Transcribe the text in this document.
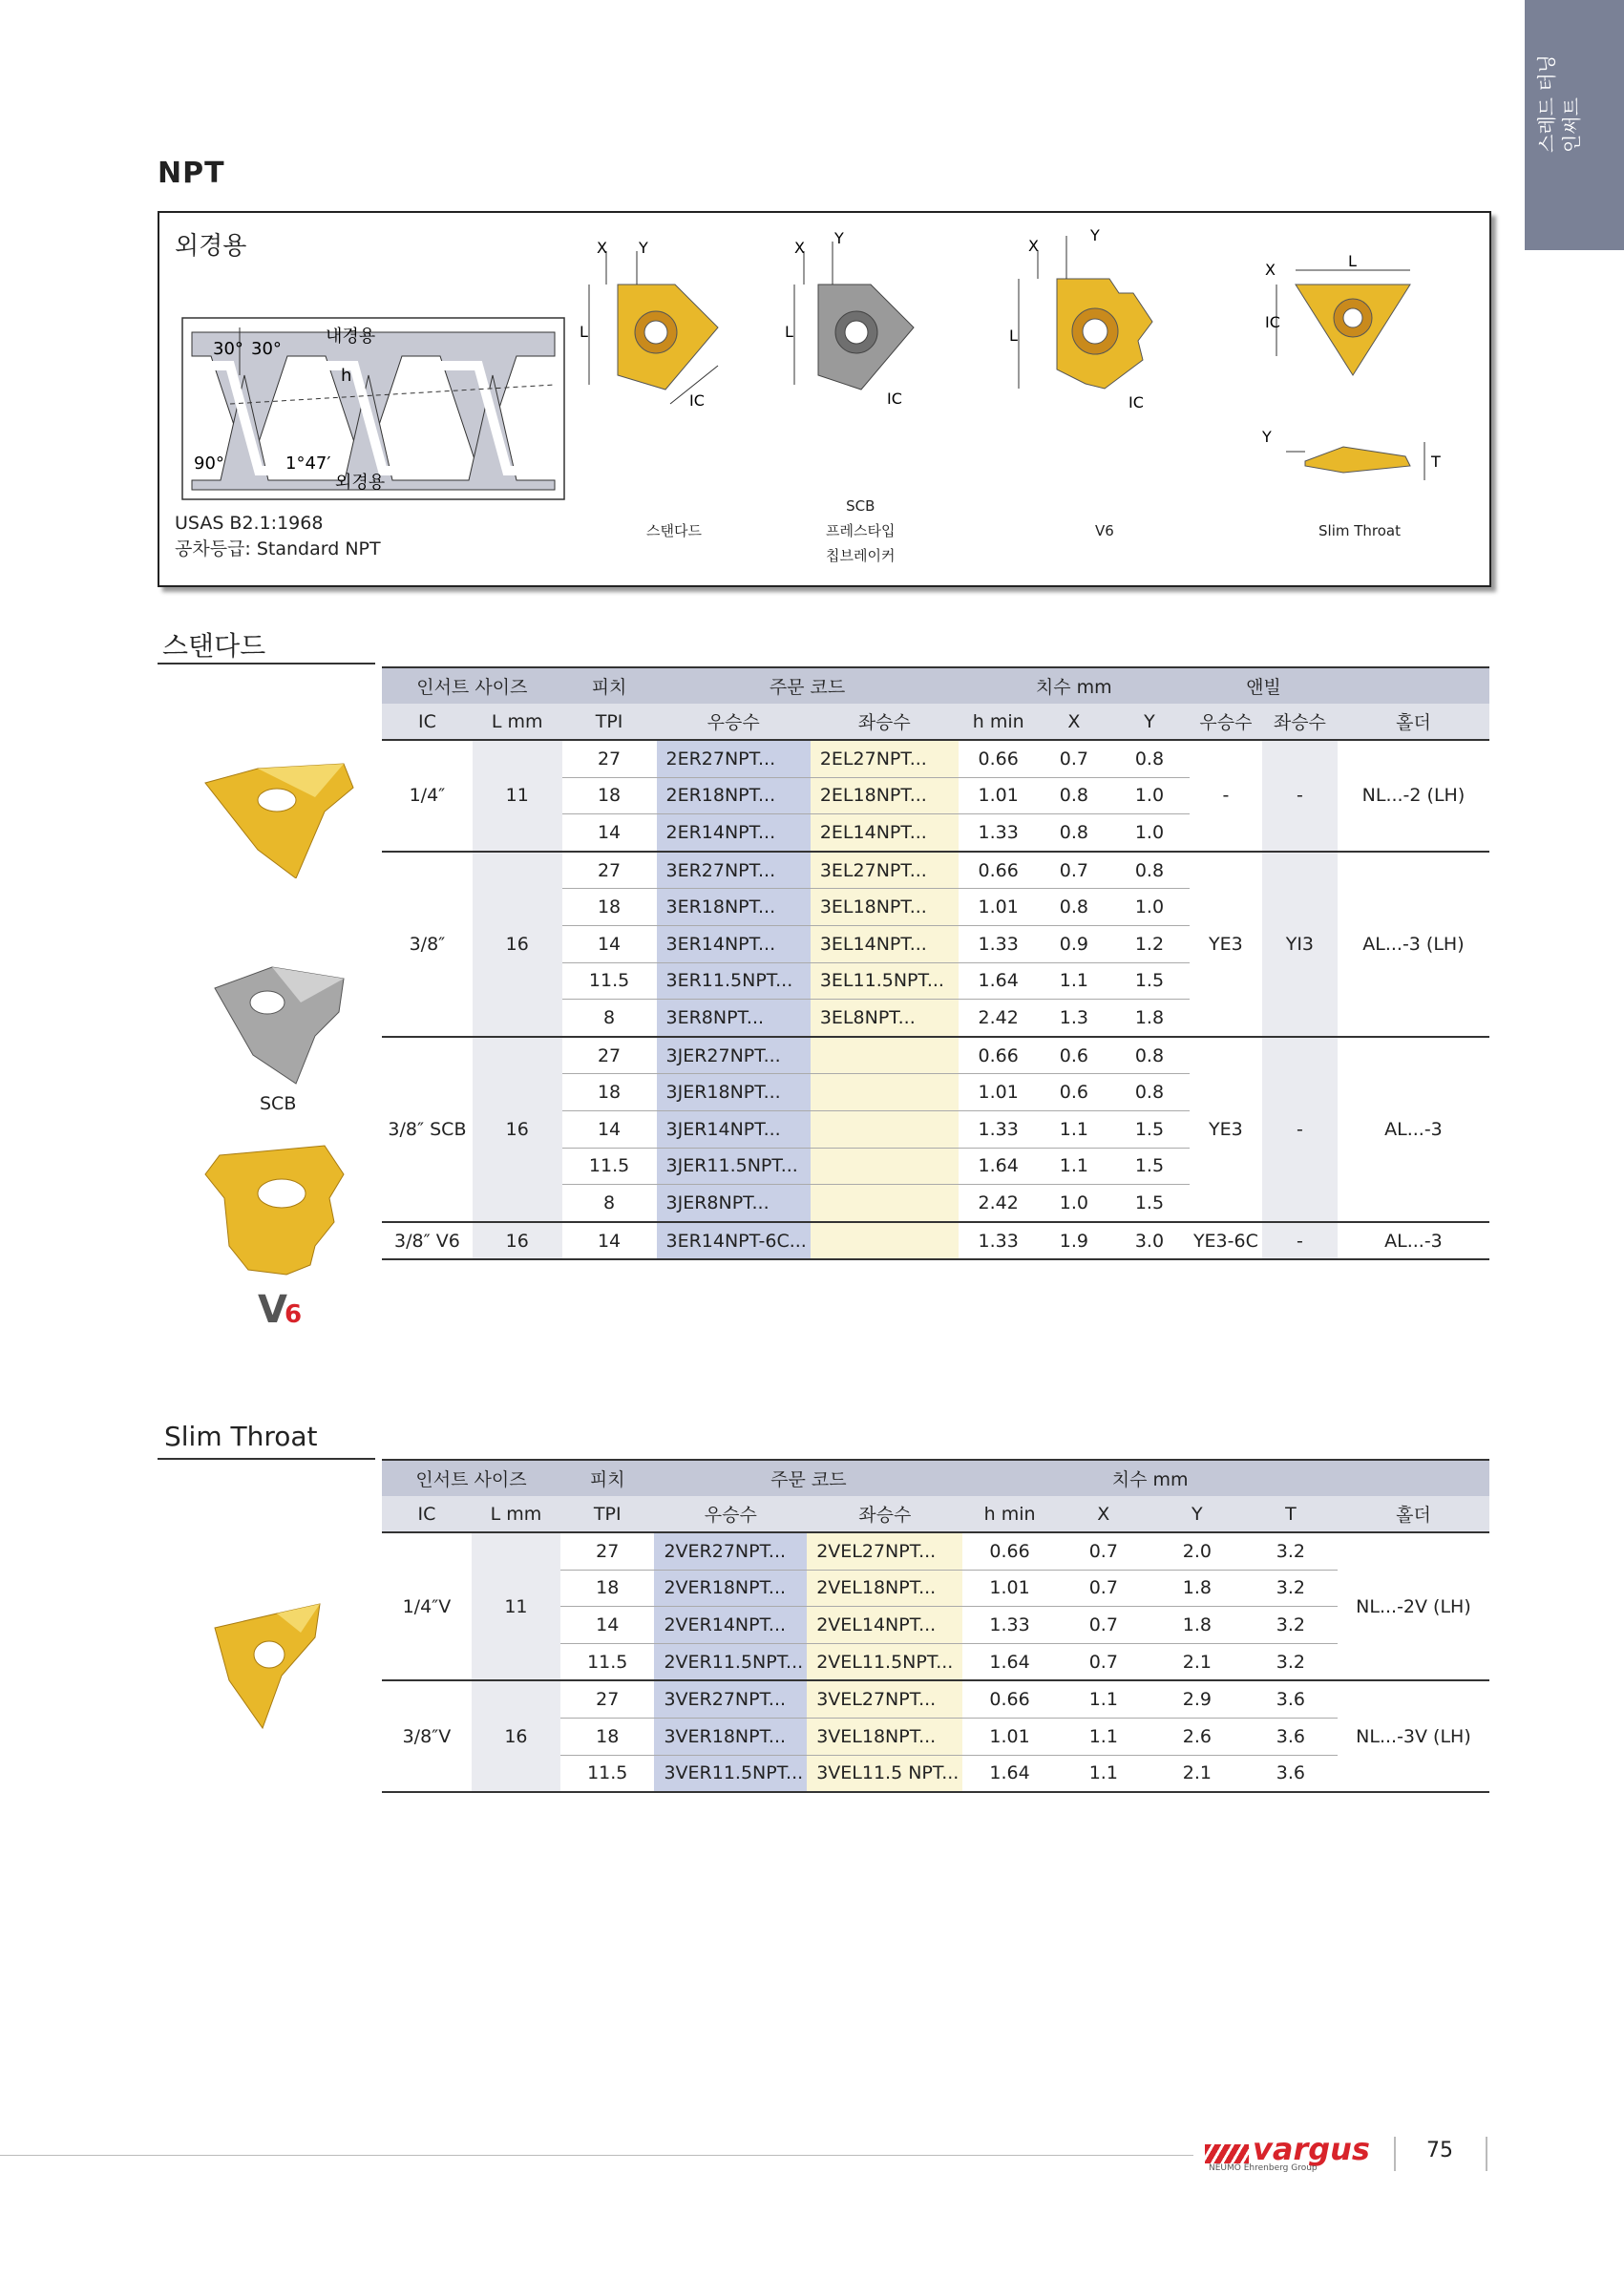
스레드 터닝 인써트
NPT
외경용
30° 30°
내경용
h
90°	1°47′
외경용
USAS B2.1:1968
공차등급: Standard NPT
L
X Y
IC
스탠다드
L
X
Y
IC
SCB
프레스타입
칩브레이커
L
X
Y
IC
V6
X	L
IC
Y
T
Slim Throat
스탠다드
SCB
V
6
인서트 사이즈		피치	주문 코드		치수 mm			앤빌		
IC	L mm	TPI	우승수	좌승수	h min	X	Y	우승수	좌승수	홀더
1/4″	11	27	2ER27NPT...	2EL27NPT...	0.66	0.7	0.8	-	-	NL...-2 (LH)
		18	2ER18NPT...	2EL18NPT...	1.01	0.8	1.0			
		14	2ER14NPT...	2EL14NPT...	1.33	0.8	1.0			
3/8″	16	27	3ER27NPT...	3EL27NPT...	0.66	0.7	0.8	YE3	YI3	AL...-3 (LH)
		18	3ER18NPT...	3EL18NPT...	1.01	0.8	1.0			
		14	3ER14NPT...	3EL14NPT...	1.33	0.9	1.2			
		11.5	3ER11.5NPT...	3EL11.5NPT...	1.64	1.1	1.5			
		8	3ER8NPT...	3EL8NPT...	2.42	1.3	1.8			
3/8″ SCB	16	27	3JER27NPT...		0.66	0.6	0.8	YE3	-	AL...-3
		18	3JER18NPT...		1.01	0.6	0.8			
		14	3JER14NPT...		1.33	1.1	1.5			
		11.5	3JER11.5NPT...		1.64	1.1	1.5			
		8	3JER8NPT...		2.42	1.0	1.5			
3/8″ V6	16	14	3ER14NPT-6C...		1.33	1.9	3.0	YE3-6C	-	AL...-3
Slim Throat
인서트 사이즈		피치	주문 코드		치수 mm				
IC	L mm	TPI	우승수	좌승수	h min	X	Y	T	홀더
1/4″V	11	27	2VER27NPT...	2VEL27NPT...	0.66	0.7	2.0	3.2	NL...-2V (LH)
		18	2VER18NPT...	2VEL18NPT...	1.01	0.7	1.8	3.2	
		14	2VER14NPT...	2VEL14NPT...	1.33	0.7	1.8	3.2	
		11.5	2VER11.5NPT...	2VEL11.5NPT...	1.64	0.7	2.1	3.2	
3/8″V	16	27	3VER27NPT...	3VEL27NPT...	0.66	1.1	2.9	3.6	NL...-3V (LH)
		18	3VER18NPT...	3VEL18NPT...	1.01	1.1	2.6	3.6	
		11.5	3VER11.5NPT...	3VEL11.5 NPT...	1.64	1.1	2.1	3.6	
vargus
NEUMO Ehrenberg Group
75
